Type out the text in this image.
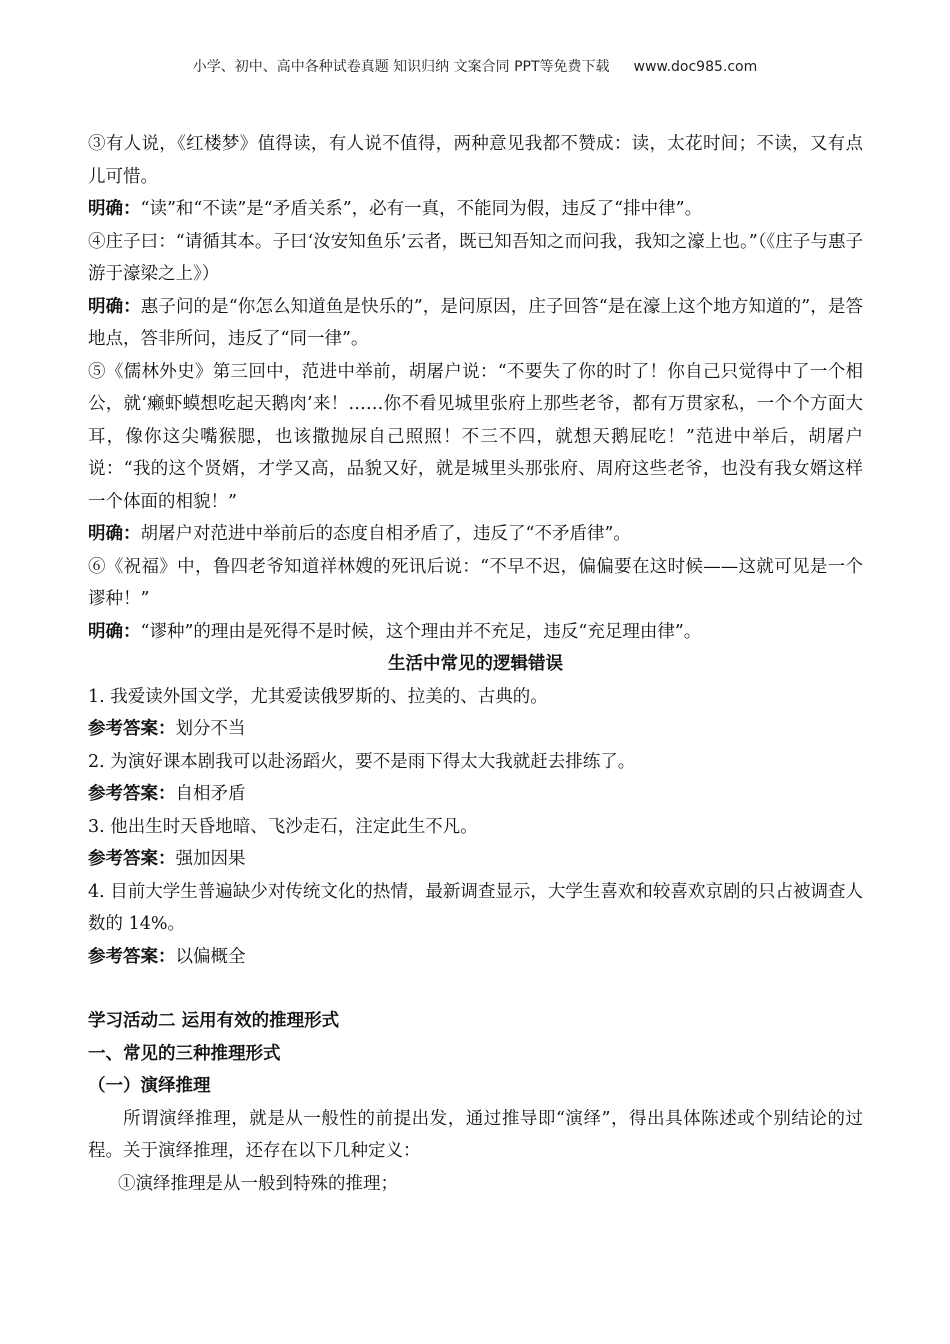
小学、初中、高中各种试卷真题 知识归纳 文案合同 PPT等免费下载 www.doc985.com

③有人说，《红楼梦》值得读，有人说不值得，两种意见我都不赞成：读，太花时间；不读，又有点儿可惜。

明确：“读”和“不读”是“矛盾关系”，必有一真，不能同为假，违反了“排中律”。

④庄子曰：“请循其本。子曰‘汝安知鱼乐’云者，既已知吾知之而问我，我知之濠上也。”（《庄子与惠子游于濠梁之上》）

明确：惠子问的是“你怎么知道鱼是快乐的”，是问原因，庄子回答“是在濠上这个地方知道的”，是答地点，答非所问，违反了“同一律”。

⑤《儒林外史》第三回中，范进中举前，胡屠户说：“不要失了你的时了！你自己只觉得中了一个相公，就‘癞虾蟆想吃起天鹅肉’来！……你不看见城里张府上那些老爷，都有万贯家私，一个个方面大耳，像你这尖嘴猴腮，也该撒抛尿自己照照！不三不四，就想天鹅屁吃！”范进中举后，胡屠户说：“我的这个贤婿，才学又高，品貌又好，就是城里头那张府、周府这些老爷，也没有我女婿这样一个体面的相貌！”

明确：胡屠户对范进中举前后的态度自相矛盾了，违反了“不矛盾律”。

⑥《祝福》中，鲁四老爷知道祥林嫂的死讯后说：“不早不迟，偏偏要在这时候——这就可见是一个谬种！”

明确：“谬种”的理由是死得不是时候，这个理由并不充足，违反“充足理由律”。

生活中常见的逻辑错误

1. 我爱读外国文学，尤其爱读俄罗斯的、拉美的、古典的。

参考答案：划分不当

2. 为演好课本剧我可以赴汤蹈火，要不是雨下得太大我就赶去排练了。

参考答案：自相矛盾

3. 他出生时天昏地暗、飞沙走石，注定此生不凡。

参考答案：强加因果

4. 目前大学生普遍缺少对传统文化的热情，最新调查显示，大学生喜欢和较喜欢京剧的只占被调查人数的 14%。

参考答案：以偏概全

学习活动二 运用有效的推理形式

一、常见的三种推理形式

（一）演绎推理

所谓演绎推理，就是从一般性的前提出发，通过推导即“演绎”，得出具体陈述或个别结论的过程。关于演绎推理，还存在以下几种定义：

①演绎推理是从一般到特殊的推理；
